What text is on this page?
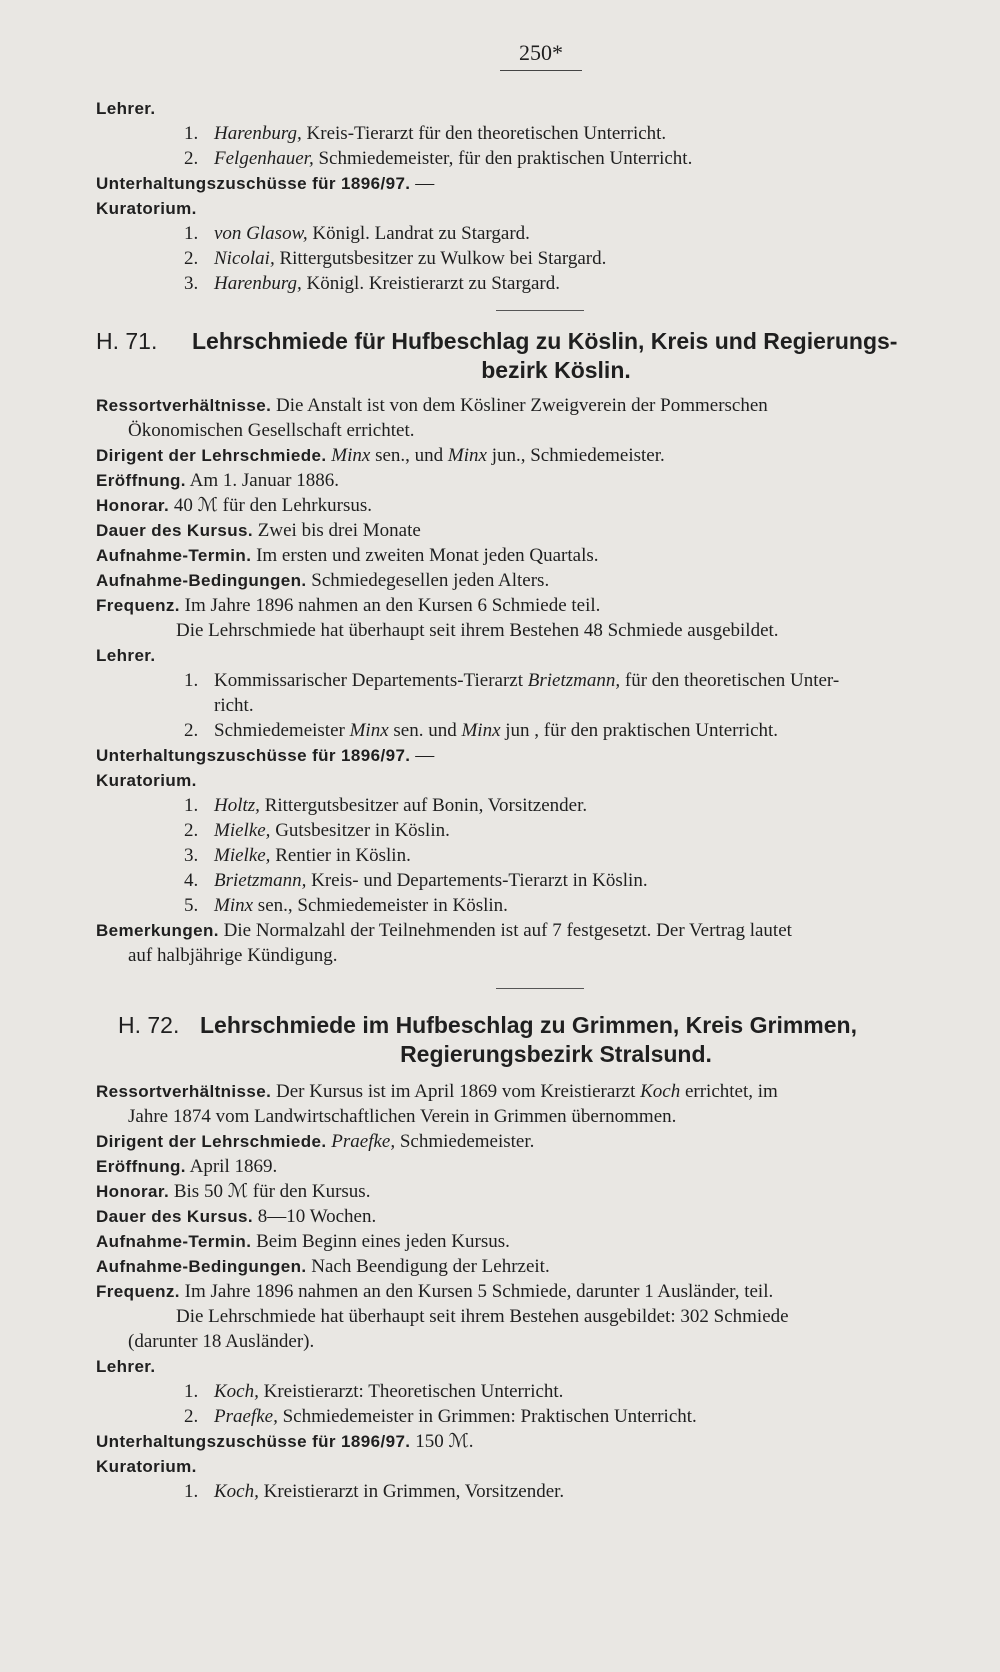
250*
Lehrer.
1. Harenburg, Kreis-Tierarzt für den theoretischen Unterricht.
2. Felgenhauer, Schmiedemeister, für den praktischen Unterricht.
Unterhaltungszuschüsse für 1896/97. —
Kuratorium.
1. von Glasow, Königl. Landrat zu Stargard.
2. Nicolai, Rittergutsbesitzer zu Wulkow bei Stargard.
3. Harenburg, Königl. Kreistierarzt zu Stargard.
H. 71. Lehrschmiede für Hufbeschlag zu Köslin, Kreis und Regierungs-
bezirk Köslin.
Ressortverhältnisse. Die Anstalt ist von dem Kösliner Zweigverein der Pommerschen
Ökonomischen Gesellschaft errichtet.
Dirigent der Lehrschmiede. Minx sen., und Minx jun., Schmiedemeister.
Eröffnung. Am 1. Januar 1886.
Honorar. 40 ℳ für den Lehrkursus.
Dauer des Kursus. Zwei bis drei Monate
Aufnahme-Termin. Im ersten und zweiten Monat jeden Quartals.
Aufnahme-Bedingungen. Schmiedegesellen jeden Alters.
Frequenz. Im Jahre 1896 nahmen an den Kursen 6 Schmiede teil.
Die Lehrschmiede hat überhaupt seit ihrem Bestehen 48 Schmiede ausgebildet.
Lehrer.
1. Kommissarischer Departements-Tierarzt Brietzmann, für den theoretischen Unter-
richt.
2. Schmiedemeister Minx sen. und Minx jun , für den praktischen Unterricht.
Unterhaltungszuschüsse für 1896/97. —
Kuratorium.
1. Holtz, Rittergutsbesitzer auf Bonin, Vorsitzender.
2. Mielke, Gutsbesitzer in Köslin.
3. Mielke, Rentier in Köslin.
4. Brietzmann, Kreis- und Departements-Tierarzt in Köslin.
5. Minx sen., Schmiedemeister in Köslin.
Bemerkungen. Die Normalzahl der Teilnehmenden ist auf 7 festgesetzt. Der Vertrag lautet
auf halbjährige Kündigung.
H. 72. Lehrschmiede im Hufbeschlag zu Grimmen, Kreis Grimmen,
Regierungsbezirk Stralsund.
Ressortverhältnisse. Der Kursus ist im April 1869 vom Kreistierarzt Koch errichtet, im
Jahre 1874 vom Landwirtschaftlichen Verein in Grimmen übernommen.
Dirigent der Lehrschmiede. Praefke, Schmiedemeister.
Eröffnung. April 1869.
Honorar. Bis 50 ℳ für den Kursus.
Dauer des Kursus. 8—10 Wochen.
Aufnahme-Termin. Beim Beginn eines jeden Kursus.
Aufnahme-Bedingungen. Nach Beendigung der Lehrzeit.
Frequenz. Im Jahre 1896 nahmen an den Kursen 5 Schmiede, darunter 1 Ausländer, teil.
Die Lehrschmiede hat überhaupt seit ihrem Bestehen ausgebildet: 302 Schmiede
(darunter 18 Ausländer).
Lehrer.
1. Koch, Kreistierarzt: Theoretischen Unterricht.
2. Praefke, Schmiedemeister in Grimmen: Praktischen Unterricht.
Unterhaltungszuschüsse für 1896/97. 150 ℳ.
Kuratorium.
1. Koch, Kreistierarzt in Grimmen, Vorsitzender.
